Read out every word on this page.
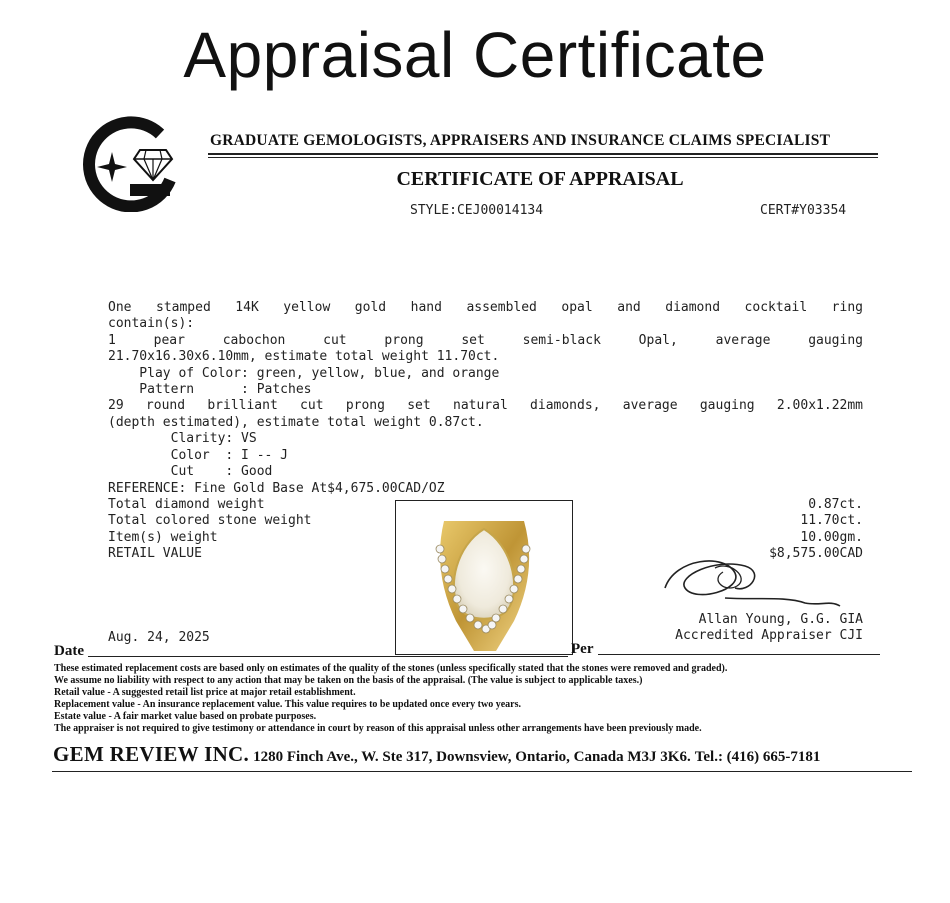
Appraisal Certificate
GRADUATE GEMOLOGISTS, APPRAISERS AND INSURANCE CLAIMS SPECIALIST
CERTIFICATE OF APPRAISAL
STYLE:CEJ00014134	CERT#Y03354
One stamped 14K yellow gold hand assembled opal and diamond cocktail ring
contain(s):
1 pear cabochon cut prong set semi-black Opal, average gauging
21.70x16.30x6.10mm, estimate total weight 11.70ct.
Play of Color: green, yellow, blue, and orange
Pattern      : Patches
29 round brilliant cut prong set natural diamonds, average gauging 2.00x1.22mm
(depth estimated), estimate total weight 0.87ct.
Clarity: VS
Color  : I -- J
Cut    : Good
REFERENCE: Fine Gold Base At$4,675.00CAD/OZ
Total diamond weight	0.87ct.
Total colored stone weight	11.70ct.
Item(s) weight	10.00gm.
RETAIL VALUE	$8,575.00CAD
Allan Young, G.G. GIA
Accredited Appraiser CJI
Aug. 24, 2025
Date	Per
These estimated replacement costs are based only on estimates of the quality of the stones (unless specifically stated that the stones were removed and graded).
We assume no liability with respect to any action that may be taken on the basis of the appraisal. (The value is subject to applicable taxes.)
Retail value - A suggested retail list price at major retail establishment.
Replacement value - An insurance replacement value. This value requires to be updated once every two years.
Estate value - A fair market value based on probate purposes.
The appraiser is not required to give testimony or attendance in court by reason of this appraisal unless other arrangements have been previously made.
GEM REVIEW INC. 1280 Finch Ave., W. Ste 317, Downsview, Ontario, Canada M3J 3K6. Tel.: (416) 665-7181
